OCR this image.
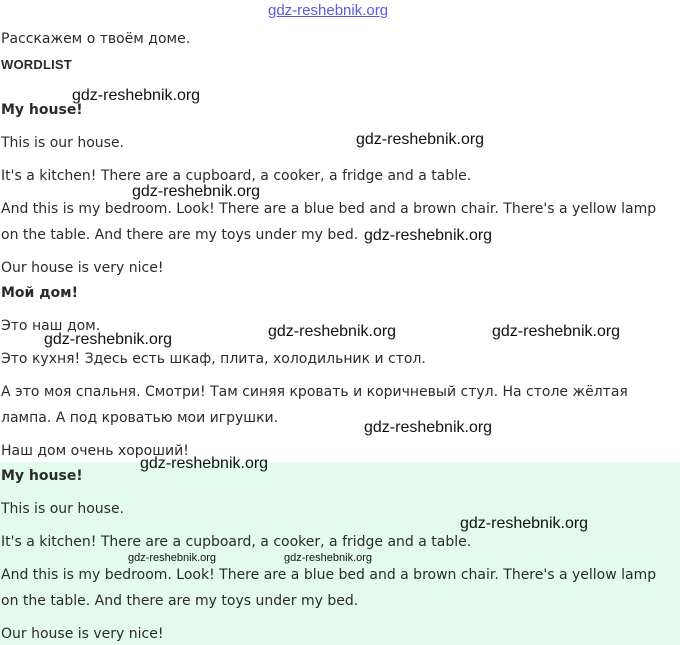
Расскажем о твоём доме.
WORDLIST
My house!
This is our house.
It's a kitchen! There are a cupboard, a cooker, a fridge and a table.
And this is my bedroom. Look! There are a blue bed and a brown chair. There's a yellow lamp
on the table. And there are my toys under my bed.
Our house is very nice!
Мой дом!
Это наш дом.
Это кухня! Здесь есть шкаф, плита, холодильник и стол.
А это моя спальня. Смотри! Там синяя кровать и коричневый стул. На столе жёлтая
лампа. А под кроватью мои игрушки.
Наш дом очень хороший!
My house!
This is our house.
It's a kitchen! There are a cupboard, a cooker, a fridge and a table.
And this is my bedroom. Look! There are a blue bed and a brown chair. There's a yellow lamp
on the table. And there are my toys under my bed.
Our house is very nice!
gdz-reshebnik.org
gdz-reshebnik.org
gdz-reshebnik.org
gdz-reshebnik.org
gdz-reshebnik.org
gdz-reshebnik.org	gdz-reshebnik.org
gdz-reshebnik.org
gdz-reshebnik.org
gdz-reshebnik.org
gdz-reshebnik.org
gdz-reshebnik.org	gdz-reshebnik.org
